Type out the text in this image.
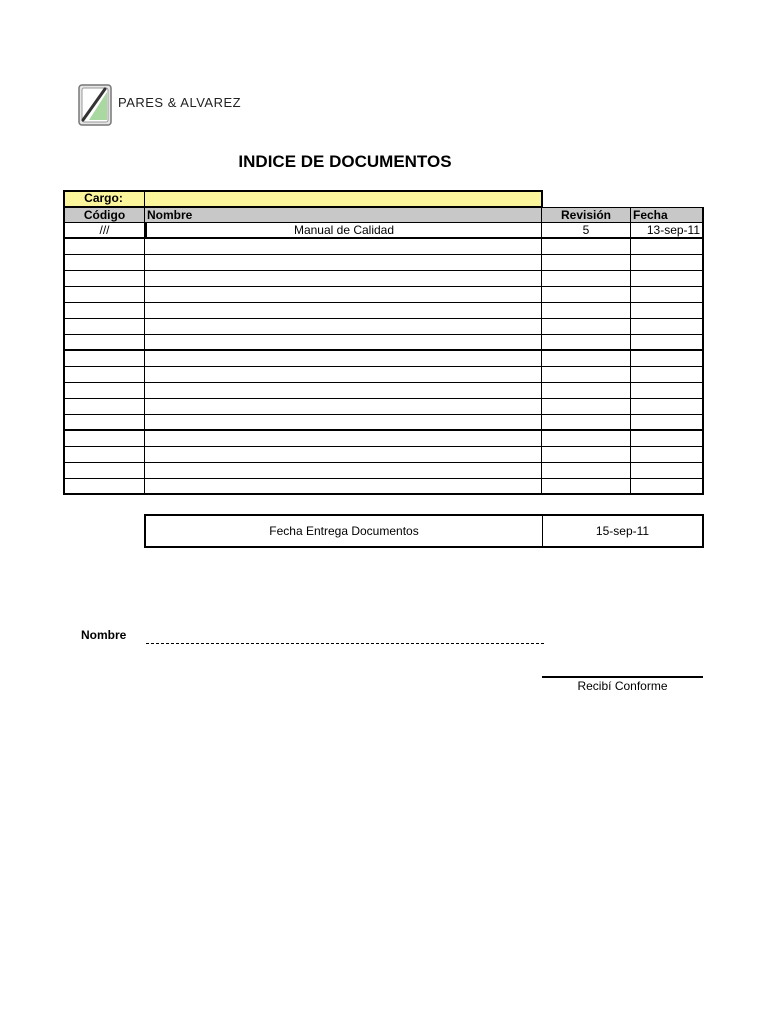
PARES & ALVAREZ
INDICE DE DOCUMENTOS
Cargo:
Código	Nombre	Revisión	Fecha
///	Manual de Calidad	5	13-sep-11
Fecha Entrega Documentos	15-sep-11
Nombre
Recibí Conforme
